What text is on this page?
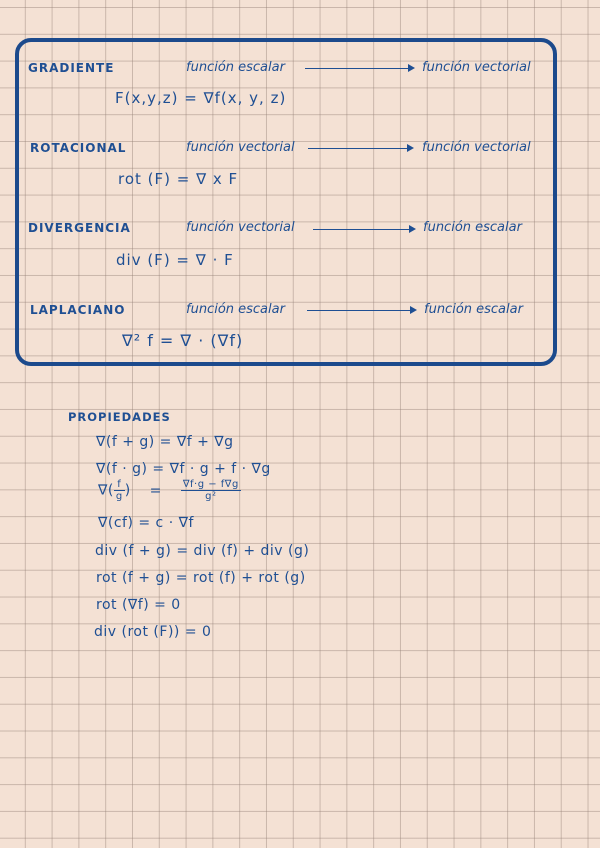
GRADIENTE	función escalar	función vectorial
F(x,y,z) = ∇f(x, y, z)
ROTACIONAL	función vectorial	función vectorial
rot (F) = ∇ x F
DIVERGENCIA	función vectorial	función escalar
div (F) = ∇ · F
LAPLACIANO	función escalar	función escalar
∇² f = ∇ · (∇f)
PROPIEDADES
∇(f + g) = ∇f + ∇g
∇(f · g) = ∇f · g + f · ∇g
∇( $\frac{f}{g}$ ) = $\frac{\nabla f\cdot g - f\nabla g}{\text{g²}}$
∇(cf) = c · ∇f
div (f + g) = div (f) + div (g)
rot (f + g) = rot (f) + rot (g)
rot (∇f) = 0
div (rot (F)) = 0
